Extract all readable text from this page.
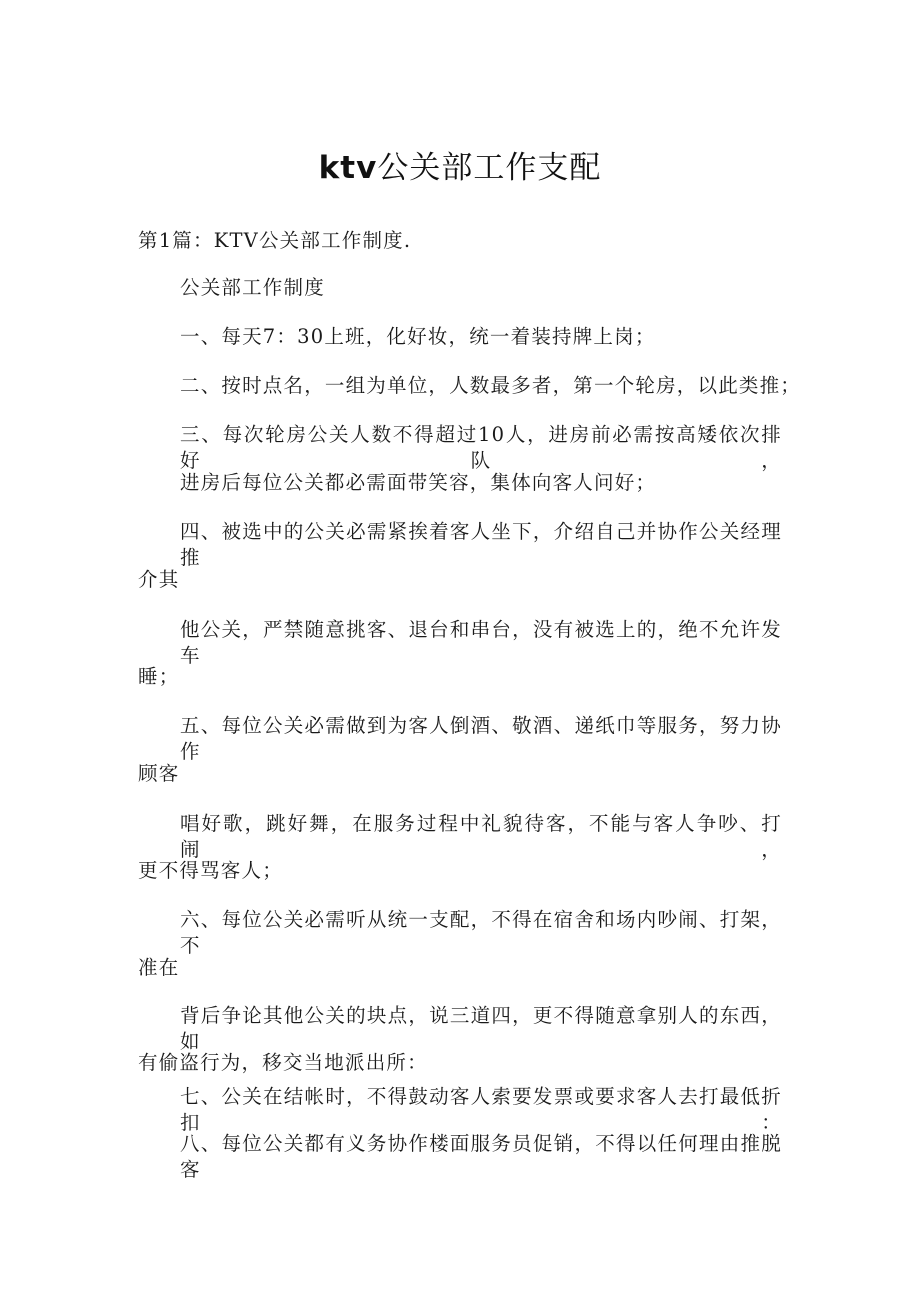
ktv公关部工作支配
第1篇：KTV公关部工作制度.
公关部工作制度
一、每天7：30上班，化好妆，统一着装持牌上岗；
二、按时点名，一组为单位，人数最多者，第一个轮房，以此类推；
三、每次轮房公关人数不得超过10人，进房前必需按高矮依次排好队，
进房后每位公关都必需面带笑容，集体向客人问好；
四、被选中的公关必需紧挨着客人坐下，介绍自己并协作公关经理推
介其
他公关，严禁随意挑客、退台和串台，没有被选上的，绝不允许发车
睡；
五、每位公关必需做到为客人倒酒、敬酒、递纸巾等服务，努力协作
顾客
唱好歌，跳好舞，在服务过程中礼貌待客，不能与客人争吵、打闹，
更不得骂客人；
六、每位公关必需听从统一支配，不得在宿舍和场内吵闹、打架，不
准在
背后争论其他公关的块点，说三道四，更不得随意拿别人的东西，如
有偷盗行为，移交当地派出所：
七、公关在结帐时，不得鼓动客人索要发票或要求客人去打最低折扣：
八、每位公关都有义务协作楼面服务员促销，不得以任何理由推脱客
